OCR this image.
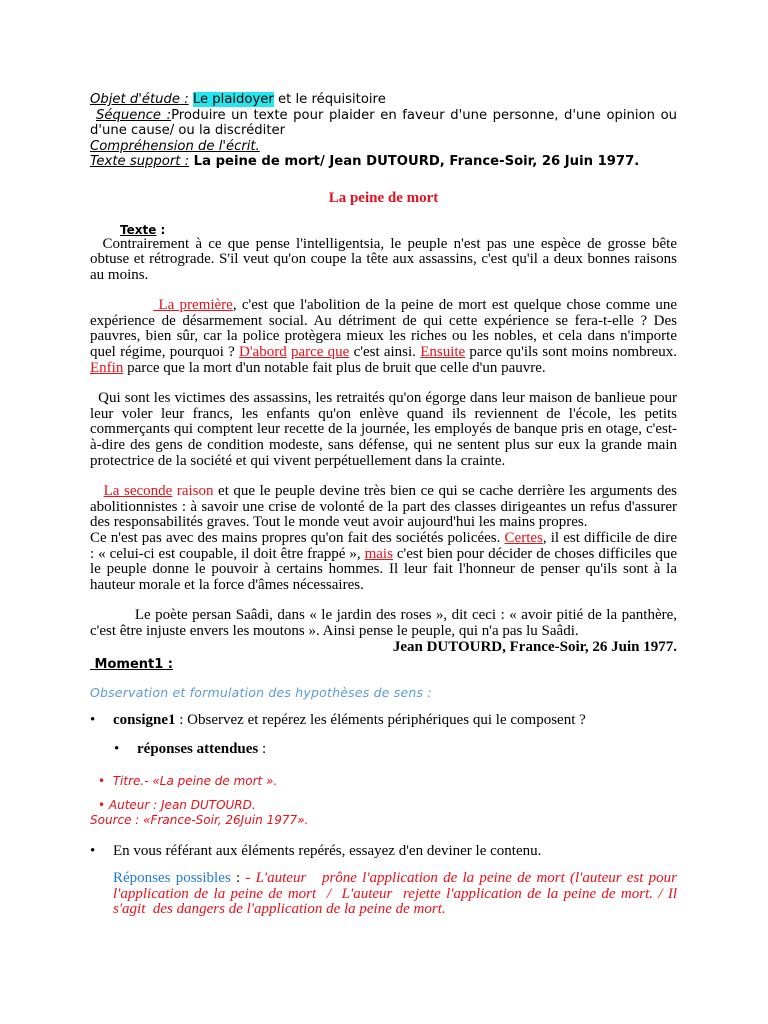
Objet d'étude : Le plaidoyer et le réquisitoire
Séquence :Produire un texte pour plaider en faveur d'une personne, d'une opinion ou d'une cause/ ou la discréditer
Compréhension de l'écrit.
Texte support : La peine de mort/ Jean DUTOURD, France-Soir, 26 Juin 1977.
La peine de mort
Texte :

Contrairement à ce que pense l'intelligentsia, le peuple n'est pas une espèce de grosse bête obtuse et rétrograde. S'il veut qu'on coupe la tête aux assassins, c'est qu'il a deux bonnes raisons au moins.

La première, c'est que l'abolition de la peine de mort est quelque chose comme une expérience de désarmement social. Au détriment de qui cette expérience se fera-t-elle ? Des pauvres, bien sûr, car la police protègera mieux les riches ou les nobles, et cela dans n'importe quel régime, pourquoi ? D'abord parce que c'est ainsi. Ensuite parce qu'ils sont moins nombreux. Enfin parce que la mort d'un notable fait plus de bruit que celle d'un pauvre.

Qui sont les victimes des assassins, les retraités qu'on égorge dans leur maison de banlieue pour leur voler leur francs, les enfants qu'on enlève quand ils reviennent de l'école, les petits commerçants qui comptent leur recette de la journée, les employés de banque pris en otage, c'est-à-dire des gens de condition modeste, sans défense, qui ne sentent plus sur eux la grande main protectrice de la société et qui vivent perpétuellement dans la crainte.

La seconde raison et que le peuple devine très bien ce qui se cache derrière les arguments des abolitionnistes : à savoir une crise de volonté de la part des classes dirigeantes un refus d'assurer des responsabilités graves. Tout le monde veut avoir aujourd'hui les mains propres.

Ce n'est pas avec des mains propres qu'on fait des sociétés policées. Certes, il est difficile de dire : « celui-ci est coupable, il doit être frappé », mais c'est bien pour décider de choses difficiles que le peuple donne le pouvoir à certains hommes. Il leur fait l'honneur de penser qu'ils sont à la hauteur morale et la force d'âmes nécessaires.

Le poète persan Saâdi, dans « le jardin des roses », dit ceci : « avoir pitié de la panthère, c'est être injuste envers les moutons ». Ainsi pense le peuple, qui n'a pas lu Saâdi.

Jean DUTOURD, France-Soir, 26 Juin 1977.
Moment1 :
Observation et formulation des hypothèses de sens :
• consigne1 : Observez et repérez les éléments périphériques qui le composent ?
• réponses attendues :
• Titre.- «La peine de mort ».
• Auteur : Jean DUTOURD.
Source : «France-Soir, 26Juin 1977».
• En vous référant aux éléments repérés, essayez d'en deviner le contenu.

Réponses possibles : - L'auteur   prône l'application de la peine de mort (l'auteur est pour l'application de la peine de mort  /  L'auteur  rejette l'application de la peine de mort. / Il s'agit  des dangers de l'application de la peine de mort.
